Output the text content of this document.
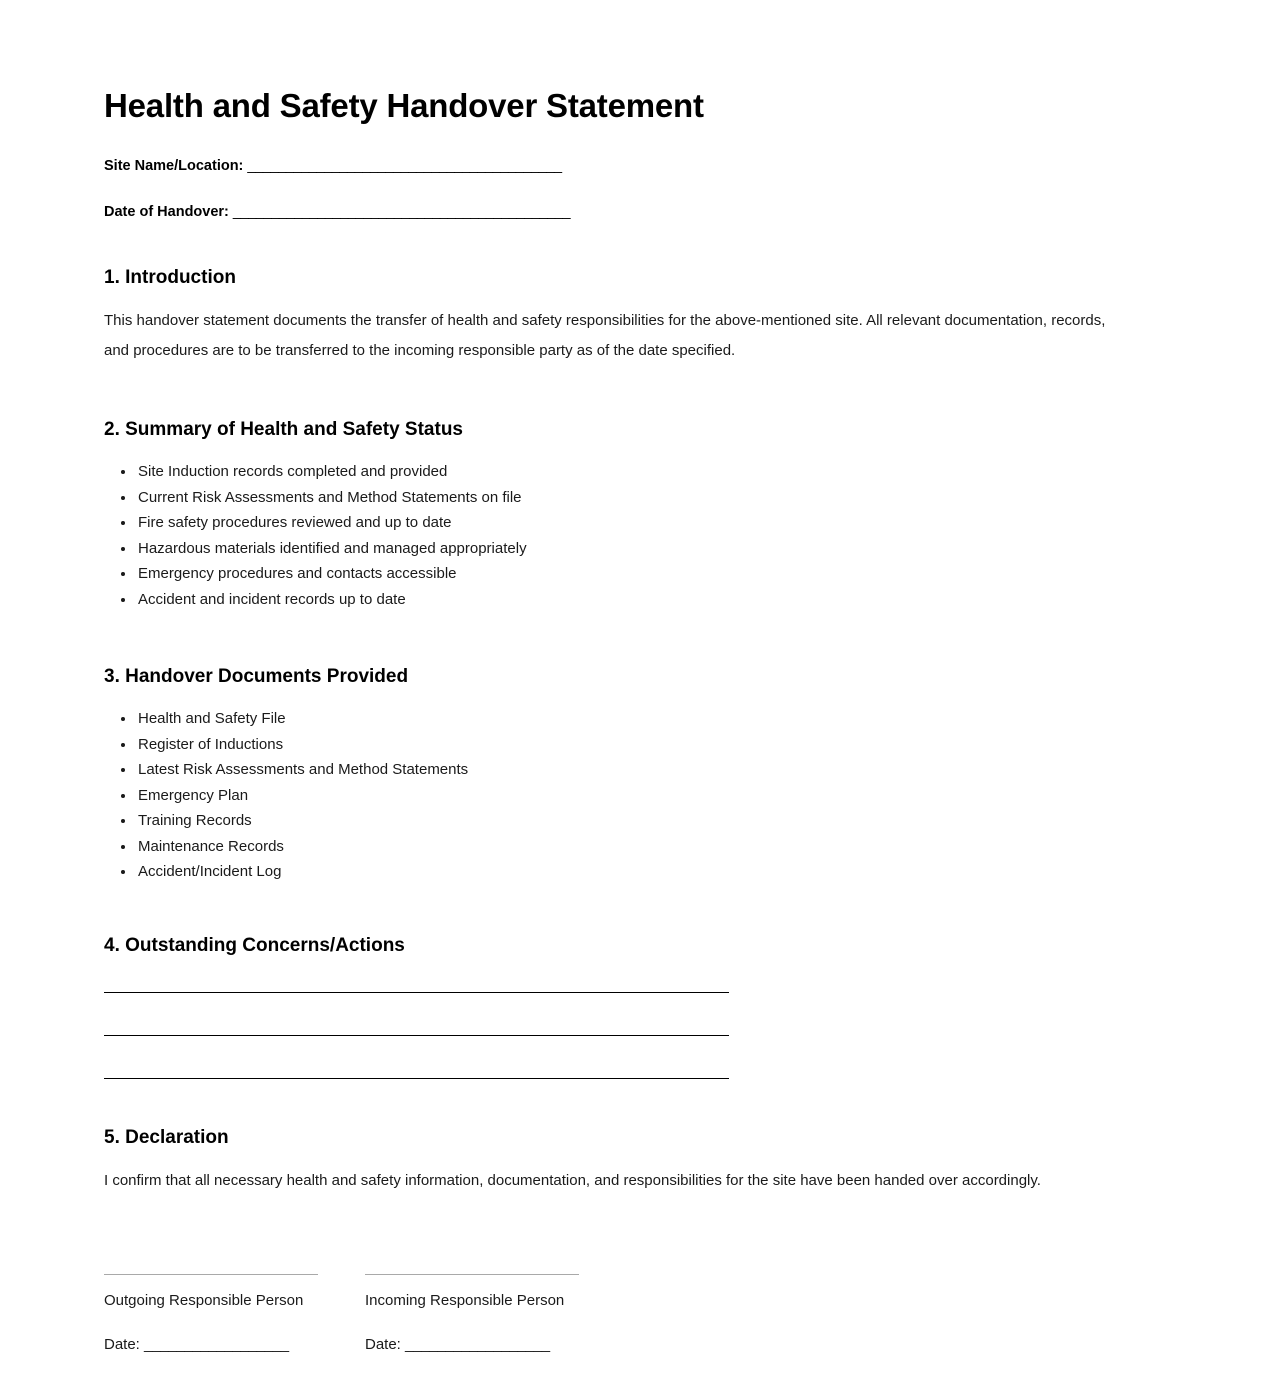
Health and Safety Handover Statement
Site Name/Location: _________________________________________
Date of Handover: ____________________________________________
1. Introduction

This handover statement documents the transfer of health and safety responsibilities for the above-mentioned site. All relevant documentation, records, and procedures are to be transferred to the incoming responsible party as of the date specified.

2. Summary of Health and Safety Status
• Site Induction records completed and provided
• Current Risk Assessments and Method Statements on file
• Fire safety procedures reviewed and up to date
• Hazardous materials identified and managed appropriately
• Emergency procedures and contacts accessible
• Accident and incident records up to date
3. Handover Documents Provided
• Health and Safety File
• Register of Inductions
• Latest Risk Assessments and Method Statements
• Emergency Plan
• Training Records
• Maintenance Records
• Accident/Incident Log
4. Outstanding Concerns/Actions
5. Declaration

I confirm that all necessary health and safety information, documentation, and responsibilities for the site have been handed over accordingly.

Outgoing Responsible Person
Date: __________________
Incoming Responsible Person
Date: __________________
